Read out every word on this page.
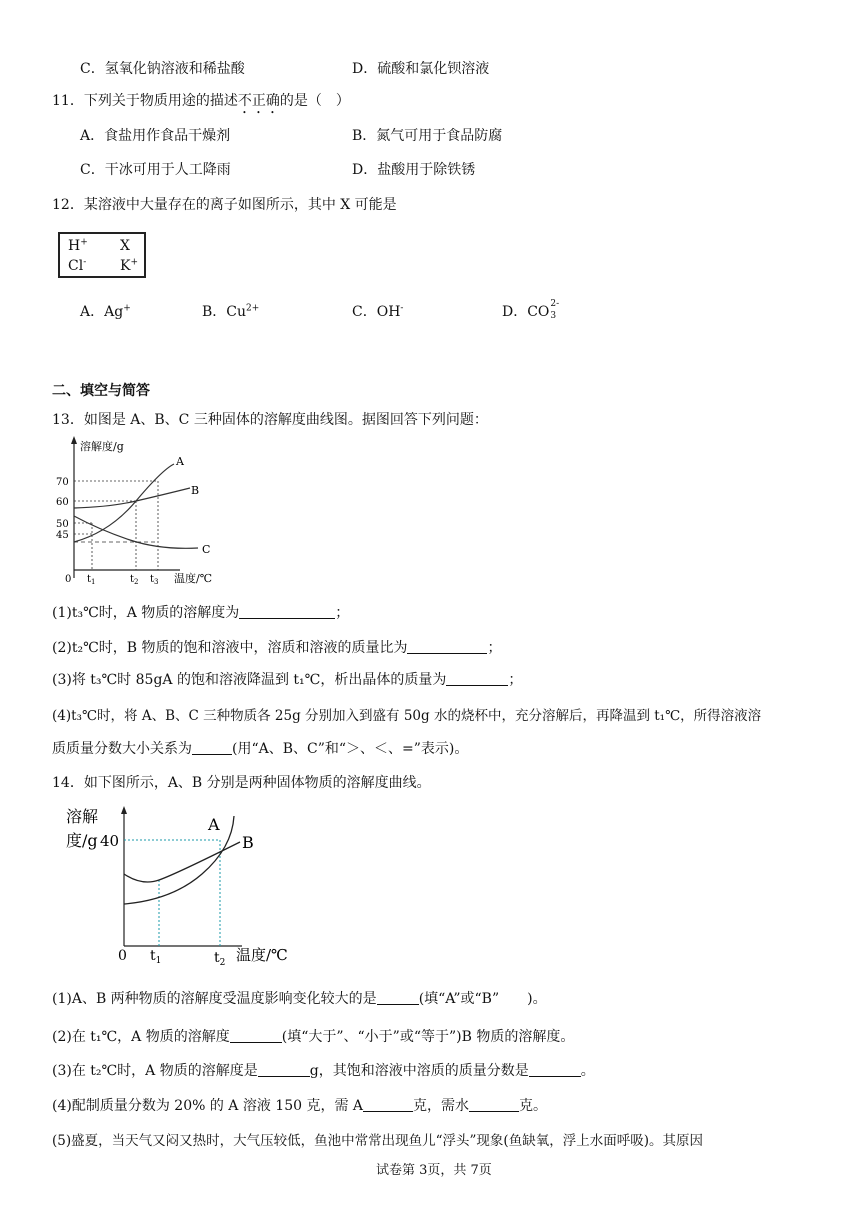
C．氢氧化钠溶液和稀盐酸	D．硫酸和氯化钡溶液
11．下列关于物质用途的描述不正确的是（　）
A．食盐用作食品干燥剂	B．氮气可用于食品防腐
C．干冰可用于人工降雨	D．盐酸用于除铁锈
12．某溶液中大量存在的离子如图所示，其中 X 可能是
H+ X
Cl- K+
A．Ag+	B．$Cu^{2+}$	C．OH-	D．CO 2-
3
二、填空与简答
13．如图是 A、B、C 三种固体的溶解度曲线图。据图回答下列问题：
溶解度/g
温度/℃
0
70
60
50
45
$t_1$	$t_2$ $t_3$
A
B
C
(1)t₃℃时，A 物质的溶解度为	；
(2)t₂℃时，B 物质的饱和溶液中，溶质和溶液的质量比为	；
(3)将 t₃℃时 85gA 的饱和溶液降温到 t₁℃，析出晶体的质量为	；
(4)t₃℃时，将 A、B、C 三种物质各 25g 分别加入到盛有 50g 水的烧杯中，充分溶解后，再降温到 t₁℃，所得溶液溶
质质量分数大小关系为	(用“A、B、C”和“＞、＜、=”表示)。
14．如下图所示，A、B 分别是两种固体物质的溶解度曲线。
溶解
度/g 40
0 $t_1$	$t_2$ 温度/℃
A
B
(1)A、B 两种物质的溶解度受温度影响变化较大的是	(填“A”或“B”　　)。
(2)在 t₁℃，A 物质的溶解度	(填“大于”、“小于”或“等于”)B 物质的溶解度。
(3)在 t₂℃时，A 物质的溶解度是	g，其饱和溶液中溶质的质量分数是	。
(4)配制质量分数为 20% 的 A 溶液 150 克，需 A	克，需水	克。
(5)盛夏，当天气又闷又热时，大气压较低，鱼池中常常出现鱼儿“浮头”现象(鱼缺氧，浮上水面呼吸)。其原因
试卷第 3页，共 7页
